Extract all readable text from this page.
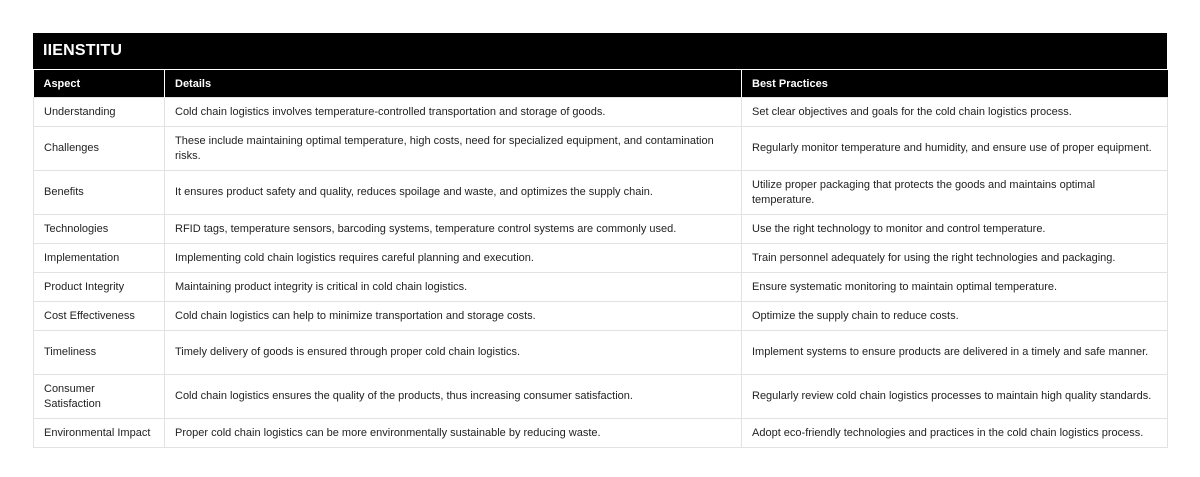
IIENSTITU
Aspect	Details	Best Practices
Understanding	Cold chain logistics involves temperature-controlled transportation and storage of goods.	Set clear objectives and goals for the cold chain logistics process.
Challenges	These include maintaining optimal temperature, high costs, need for specialized equipment, and contamination risks.	Regularly monitor temperature and humidity, and ensure use of proper equipment.
Benefits	It ensures product safety and quality, reduces spoilage and waste, and optimizes the supply chain.	Utilize proper packaging that protects the goods and maintains optimal temperature.
Technologies	RFID tags, temperature sensors, barcoding systems, temperature control systems are commonly used.	Use the right technology to monitor and control temperature.
Implementation	Implementing cold chain logistics requires careful planning and execution.	Train personnel adequately for using the right technologies and packaging.
Product Integrity	Maintaining product integrity is critical in cold chain logistics.	Ensure systematic monitoring to maintain optimal temperature.
Cost Effectiveness	Cold chain logistics can help to minimize transportation and storage costs.	Optimize the supply chain to reduce costs.
Timeliness	Timely delivery of goods is ensured through proper cold chain logistics.	Implement systems to ensure products are delivered in a timely and safe manner.
Consumer Satisfaction	Cold chain logistics ensures the quality of the products, thus increasing consumer satisfaction.	Regularly review cold chain logistics processes to maintain high quality standards.
Environmental Impact	Proper cold chain logistics can be more environmentally sustainable by reducing waste.	Adopt eco-friendly technologies and practices in the cold chain logistics process.
